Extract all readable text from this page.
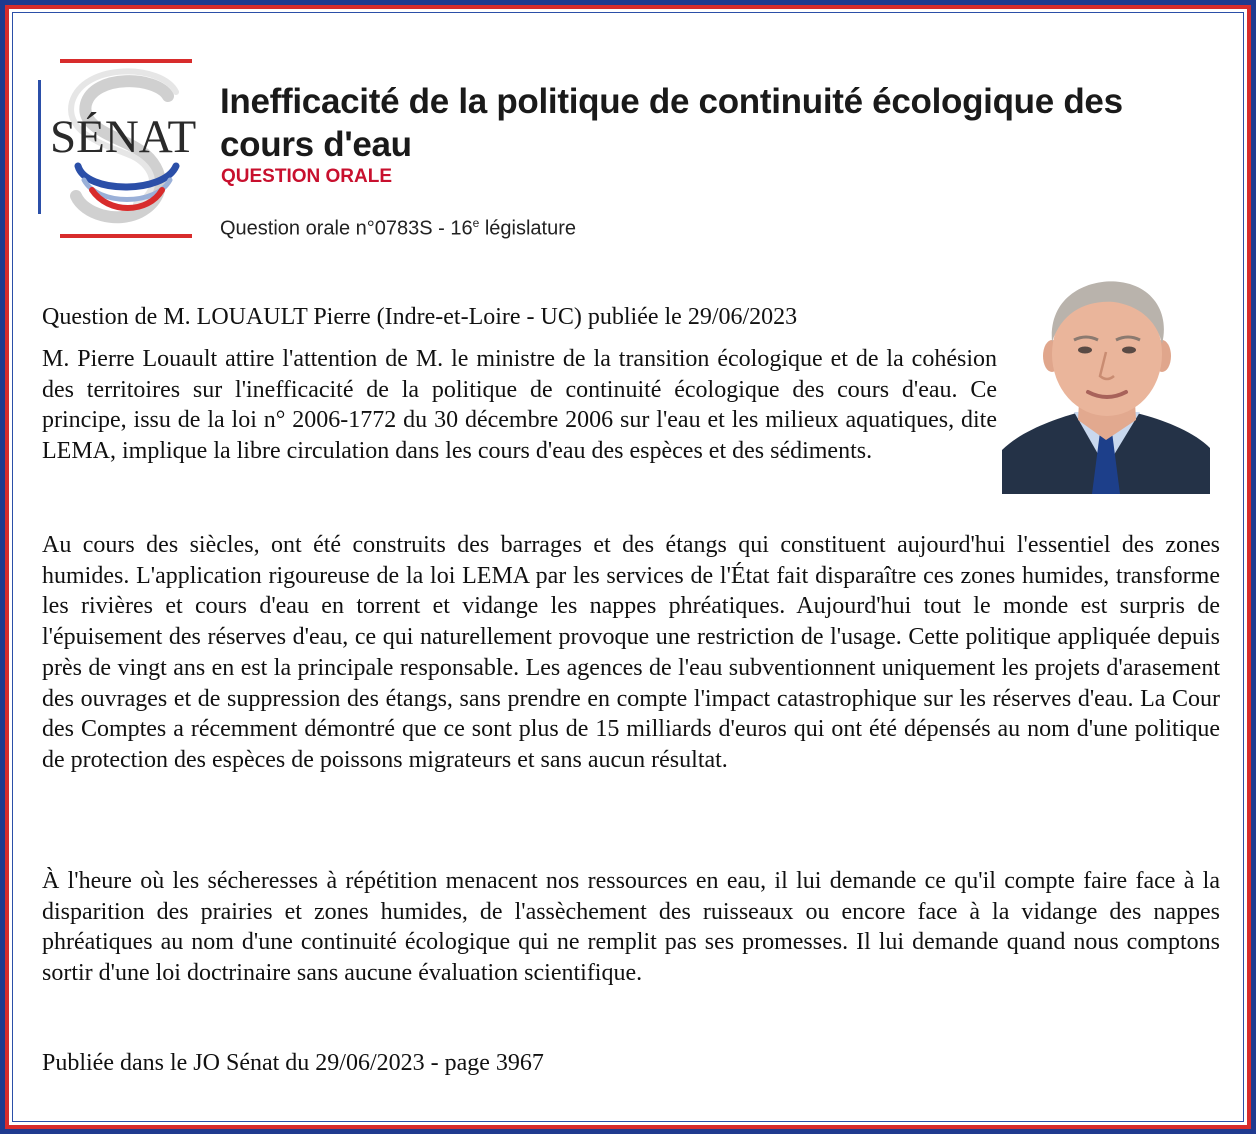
SÉNAT
Inefficacité de la politique de continuité écologique des cours d'eau
QUESTION ORALE
Question orale n°0783S - 16e législature
Question de M. LOUAULT Pierre (Indre-et-Loire - UC) publiée le 29/06/2023
M. Pierre Louault attire l'attention de M. le ministre de la transition écologique et de la cohésion des territoires sur l'inefficacité de la politique de continuité écologique des cours d'eau. Ce principe, issu de la loi n° 2006-1772 du 30 décembre 2006 sur l'eau et les milieux aquatiques, dite LEMA, implique la libre circulation dans les cours d'eau des espèces et des sédiments.
Au cours des siècles, ont été construits des barrages et des étangs qui constituent aujourd'hui l'essentiel des zones humides. L'application rigoureuse de la loi LEMA par les services de l'État fait disparaître ces zones humides, transforme les rivières et cours d'eau en torrent et vidange les nappes phréatiques. Aujourd'hui tout le monde est surpris de l'épuisement des réserves d'eau, ce qui naturellement provoque une restriction de l'usage. Cette politique appliquée depuis près de vingt ans en est la principale responsable. Les agences de l'eau subventionnent uniquement les projets d'arasement des ouvrages et de suppression des étangs, sans prendre en compte l'impact catastrophique sur les réserves d'eau. La Cour des Comptes a récemment démontré que ce sont plus de 15 milliards d'euros qui ont été dépensés au nom d'une politique de protection des espèces de poissons migrateurs et sans aucun résultat.
À l'heure où les sécheresses à répétition menacent nos ressources en eau, il lui demande ce qu'il compte faire face à la disparition des prairies et zones humides, de l'assèchement des ruisseaux ou encore face à la vidange des nappes phréatiques au nom d'une continuité écologique qui ne remplit pas ses promesses. Il lui demande quand nous comptons sortir d'une loi doctrinaire sans aucune évaluation scientifique.
Publiée dans le JO Sénat du 29/06/2023 - page 3967
